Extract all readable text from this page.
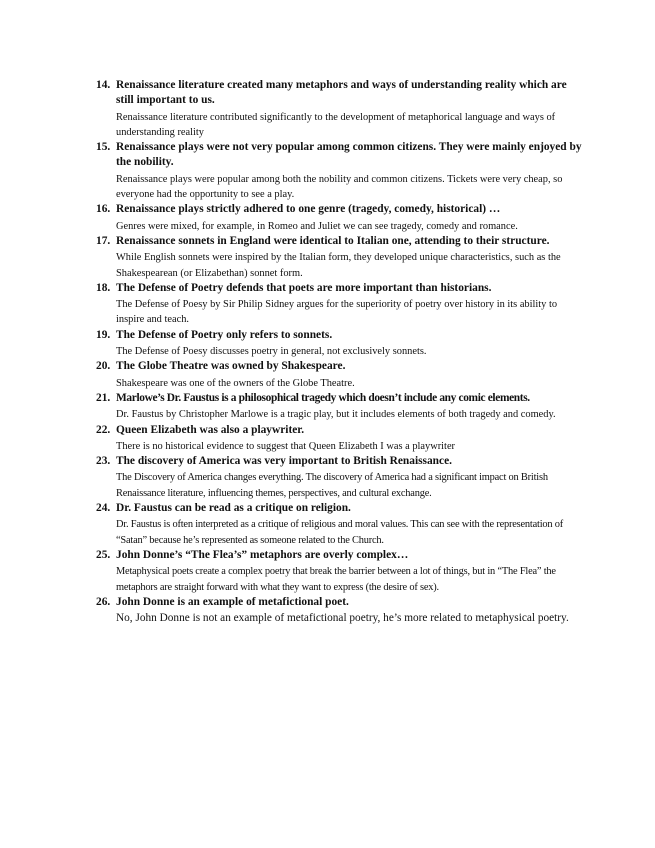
14. Renaissance literature created many metaphors and ways of understanding reality which are still important to us.

Renaissance literature contributed significantly to the development of metaphorical language and ways of understanding reality

15. Renaissance plays were not very popular among common citizens. They were mainly enjoyed by the nobility.

Renaissance plays were popular among both the nobility and common citizens. Tickets were very cheap, so everyone had the opportunity to see a play.

16. Renaissance plays strictly adhered to one genre (tragedy, comedy, historical) …

Genres were mixed, for example, in Romeo and Juliet we can see tragedy, comedy and romance.

17. Renaissance sonnets in England were identical to Italian one, attending to their structure.

While English sonnets were inspired by the Italian form, they developed unique characteristics, such as the Shakespearean (or Elizabethan) sonnet form.

18. The Defense of Poetry defends that poets are more important than historians.

The Defense of Poesy by Sir Philip Sidney argues for the superiority of poetry over history in its ability to inspire and teach.

19. The Defense of Poetry only refers to sonnets.

The Defense of Poesy discusses poetry in general, not exclusively sonnets.

20. The Globe Theatre was owned by Shakespeare.

Shakespeare was one of the owners of the Globe Theatre.

21. Marlowe’s Dr. Faustus is a philosophical tragedy which doesn’t include any comic elements.

Dr. Faustus by Christopher Marlowe is a tragic play, but it includes elements of both tragedy and comedy.

22. Queen Elizabeth was also a playwriter.

There is no historical evidence to suggest that Queen Elizabeth I was a playwriter

23. The discovery of America was very important to British Renaissance.

The Discovery of America changes everything. The discovery of America had a significant impact on British Renaissance literature, influencing themes, perspectives, and cultural exchange.

24. Dr. Faustus can be read as a critique on religion.

Dr. Faustus is often interpreted as a critique of religious and moral values. This can see with the representation of “Satan” because he’s represented as someone related to the Church.

25. John Donne’s “The Flea’s” metaphors are overly complex…

Metaphysical poets create a complex poetry that break the barrier between a lot of things, but in “The Flea” the metaphors are straight forward with what they want to express (the desire of sex).

26. John Donne is an example of metafictional poet.

No, John Donne is not an example of metafictional poetry, he’s more related to metaphysical poetry.
